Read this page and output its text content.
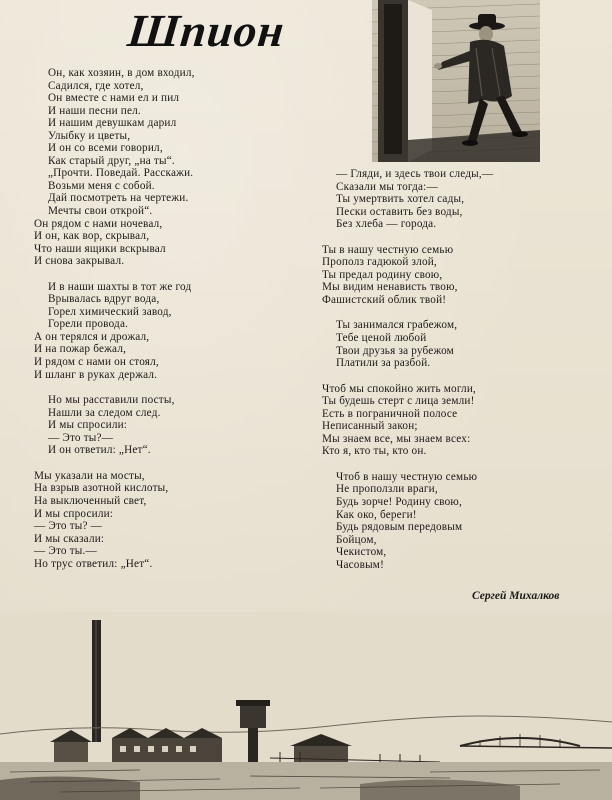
Шпион
Он, как хозяин, в дом входил,
Садился, где хотел,
Он вместе с нами ел и пил
И наши песни пел.
И нашим девушкам дарил
Улыбку и цветы,
И он со всеми говорил,
Как старый друг, „на ты“.
„Прочти. Поведай. Расскажи.
Возьми меня с собой.
Дай посмотреть на чертежи.
Мечты свои открой“.
Он рядом с нами ночевал,
И он, как вор, скрывал,
Что наши ящики вскрывал
И снова закрывал.
И в наши шахты в тот же год
Врывалась вдруг вода,
Горел химический завод,
Горели провода.
А он терялся и дрожал,
И на пожар бежал,
И рядом с нами он стоял,
И шланг в руках держал.
Но мы расставили посты,
Нашли за следом след.
И мы спросили:
— Это ты?—
И он ответил: „Нет“.
Мы указали на мосты,
На взрыв азотной кислоты,
На выключенный свет,
И мы спросили:
— Это ты? —
И мы сказали:
— Это ты.—
Но трус ответил: „Нет“.
— Гляди, и здесь твои следы,—
Сказали мы тогда:—
Ты умертвить хотел сады,
Пески оставить без воды,
Без хлеба — города.
Ты в нашу честную семью
Прополз гадюкой злой,
Ты предал родину свою,
Мы видим ненависть твою,
Фашистский облик твой!
Ты занимался грабежом,
Тебе ценой любой
Твои друзья за рубежом
Платили за разбой.
Чтоб мы спокойно жить могли,
Ты будешь стерт с лица земли!
Есть в пограничной полосе
Неписанный закон;
Мы знаем все, мы знаем всех:
Кто я, кто ты, кто он.
Чтоб в нашу честную семью
Не проползли враги,
Будь зорче! Родину свою,
Как око, береги!
Будь рядовым передовым
Бойцом,
Чекистом,
Часовым!
Сергей Михалков
